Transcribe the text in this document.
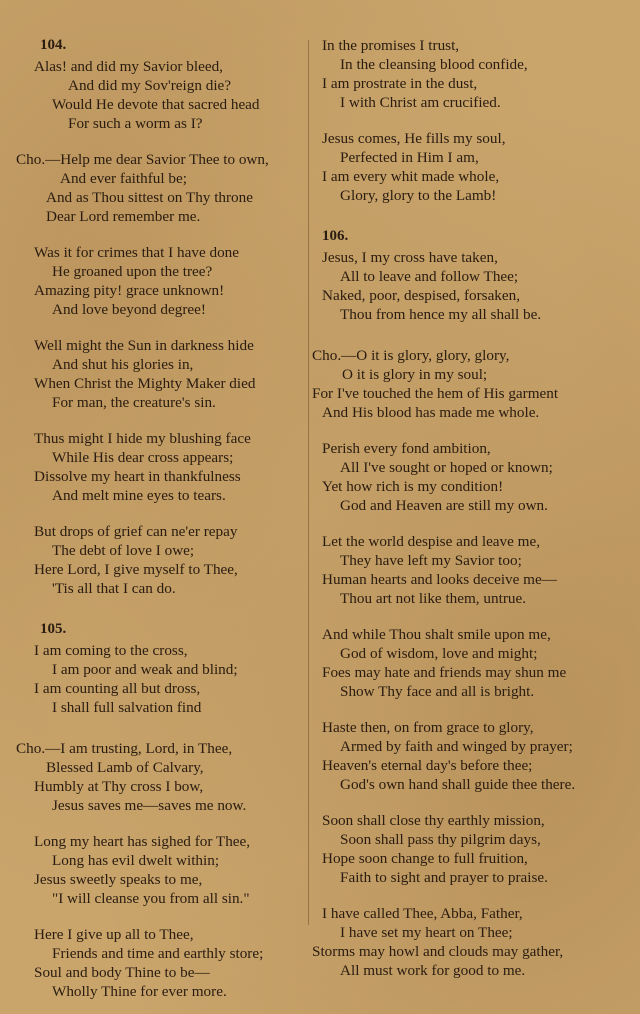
104.
Alas! and did my Savior bleed,
And did my Sov'reign die?
Would He devote that sacred head
For such a worm as I?
Cho.—Help me dear Savior Thee to own,
And ever faithful be;
And as Thou sittest on Thy throne
Dear Lord remember me.
Was it for crimes that I have done
He groaned upon the tree?
Amazing pity! grace unknown!
And love beyond degree!
Well might the Sun in darkness hide
And shut his glories in,
When Christ the Mighty Maker died
For man, the creature's sin.
Thus might I hide my blushing face
While His dear cross appears;
Dissolve my heart in thankfulness
And melt mine eyes to tears.
But drops of grief can ne'er repay
The debt of love I owe;
Here Lord, I give myself to Thee,
'Tis all that I can do.
105.
I am coming to the cross,
I am poor and weak and blind;
I am counting all but dross,
I shall full salvation find
Cho.—I am trusting, Lord, in Thee,
Blessed Lamb of Calvary,
Humbly at Thy cross I bow,
Jesus saves me—saves me now.
Long my heart has sighed for Thee,
Long has evil dwelt within;
Jesus sweetly speaks to me,
"I will cleanse you from all sin."
Here I give up all to Thee,
Friends and time and earthly store;
Soul and body Thine to be—
Wholly Thine for ever more.
In the promises I trust,
In the cleansing blood confide,
I am prostrate in the dust,
I with Christ am crucified.
Jesus comes, He fills my soul,
Perfected in Him I am,
I am every whit made whole,
Glory, glory to the Lamb!
106.
Jesus, I my cross have taken,
All to leave and follow Thee;
Naked, poor, despised, forsaken,
Thou from hence my all shall be.
Cho.—O it is glory, glory, glory,
O it is glory in my soul;
For I've touched the hem of His garment
And His blood has made me whole.
Perish every fond ambition,
All I've sought or hoped or known;
Yet how rich is my condition!
God and Heaven are still my own.
Let the world despise and leave me,
They have left my Savior too;
Human hearts and looks deceive me—
Thou art not like them, untrue.
And while Thou shalt smile upon me,
God of wisdom, love and might;
Foes may hate and friends may shun me
Show Thy face and all is bright.
Haste then, on from grace to glory,
Armed by faith and winged by prayer;
Heaven's eternal day's before thee;
God's own hand shall guide thee there.
Soon shall close thy earthly mission,
Soon shall pass thy pilgrim days,
Hope soon change to full fruition,
Faith to sight and prayer to praise.
I have called Thee, Abba, Father,
I have set my heart on Thee;
Storms may howl and clouds may gather,
All must work for good to me.
